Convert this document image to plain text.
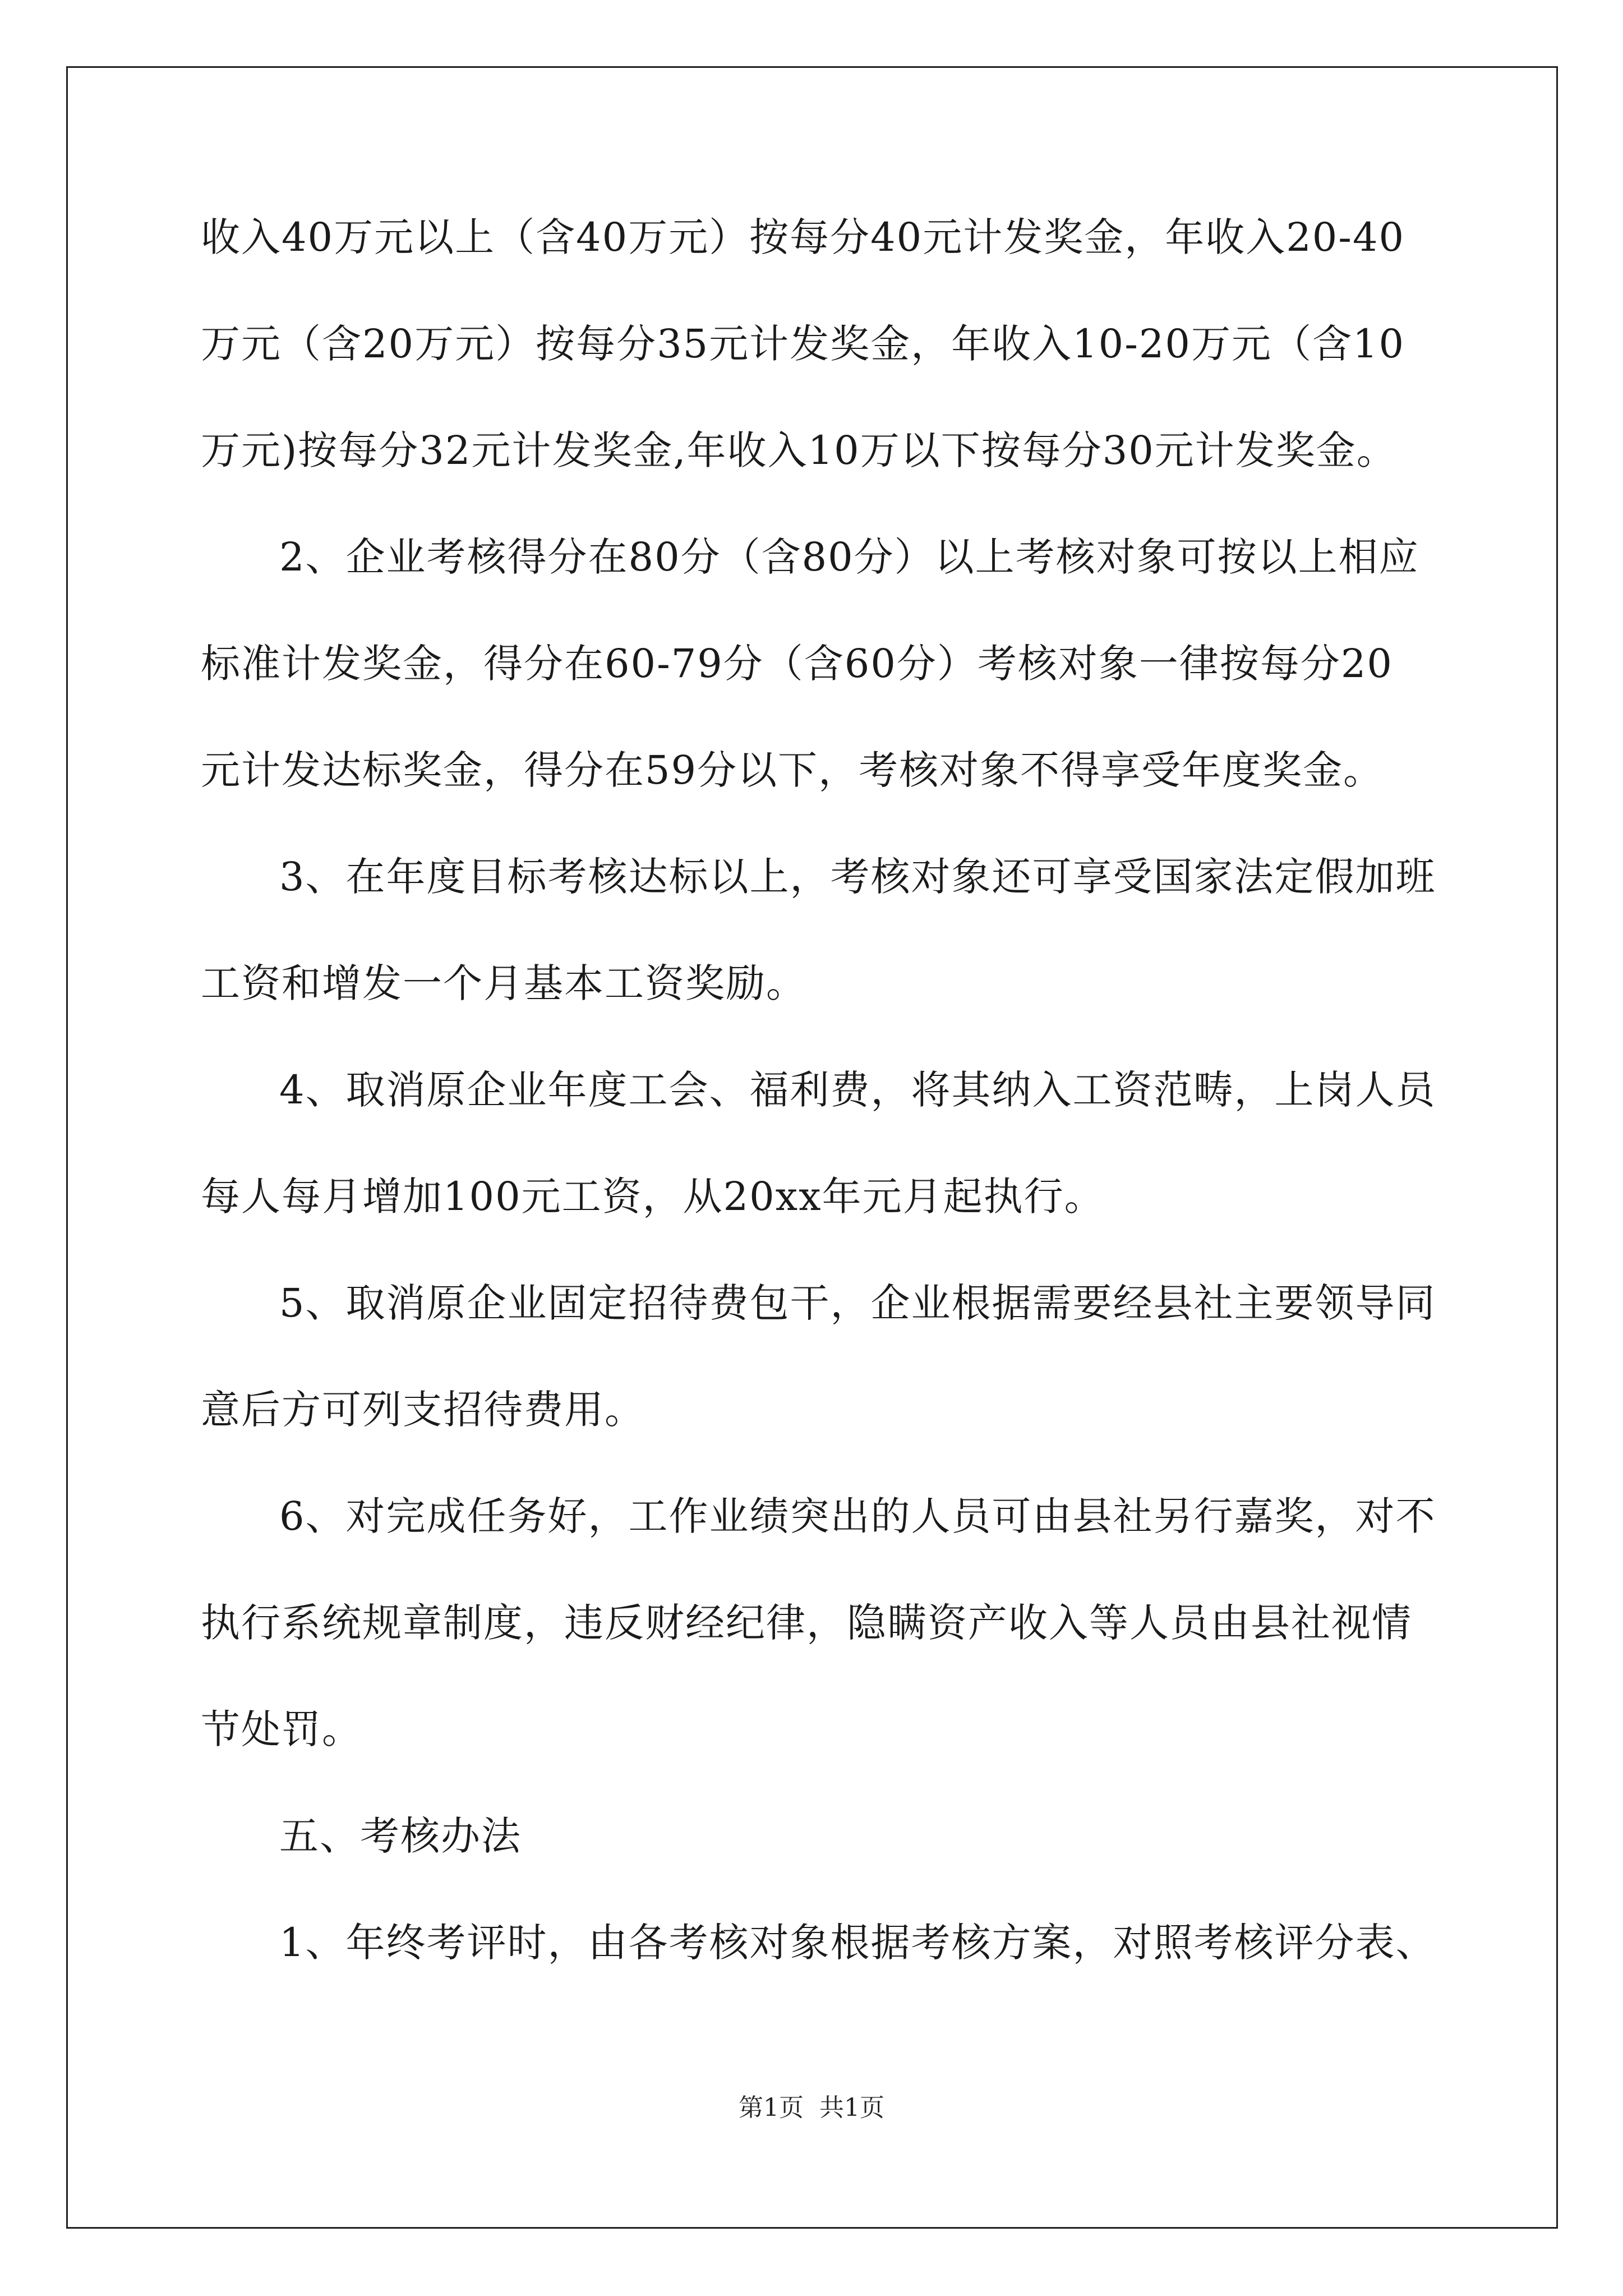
收入40万元以上（含40万元）按每分40元计发奖金，年收入20-40
万元（含20万元）按每分35元计发奖金，年收入10-20万元（含10
万元)按每分32元计发奖金,年收入10万以下按每分30元计发奖金。
2、企业考核得分在80分（含80分）以上考核对象可按以上相应
标准计发奖金，得分在60-79分（含60分）考核对象一律按每分20
元计发达标奖金，得分在59分以下，考核对象不得享受年度奖金。
3、在年度目标考核达标以上，考核对象还可享受国家法定假加班
工资和增发一个月基本工资奖励。
4、取消原企业年度工会、福利费，将其纳入工资范畴，上岗人员
每人每月增加100元工资，从20xx年元月起执行。
5、取消原企业固定招待费包干，企业根据需要经县社主要领导同
意后方可列支招待费用。
6、对完成任务好，工作业绩突出的人员可由县社另行嘉奖，对不
执行系统规章制度，违反财经纪律，隐瞒资产收入等人员由县社视情
节处罚。
五、考核办法
1、年终考评时，由各考核对象根据考核方案，对照考核评分表、
第1页 共1页
